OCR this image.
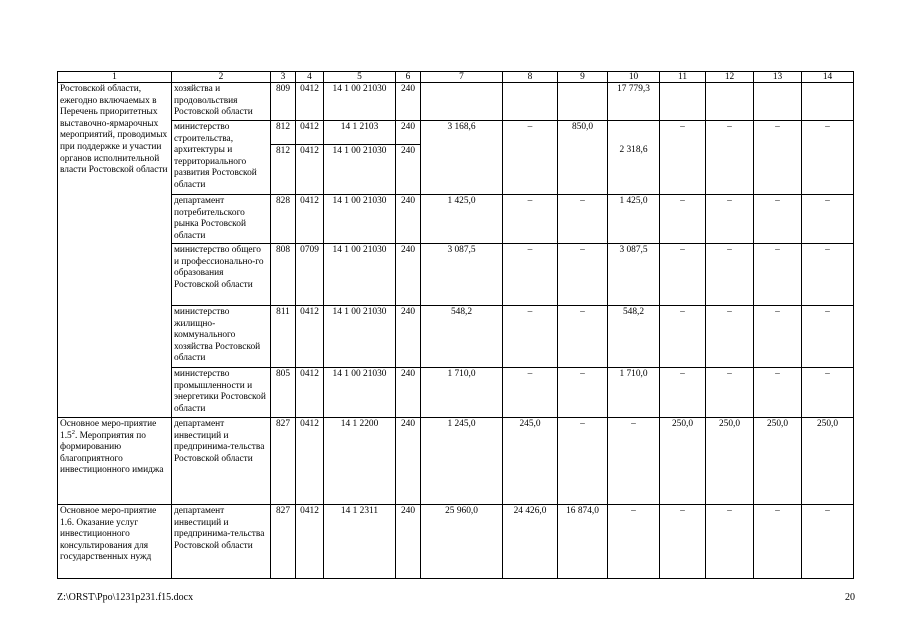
1	2	3	4	5	6	7	8	9	10	11	12	13	14
Ростовской области, ежегодно включаемых в Перечень приоритетных выставочно-ярмарочных мероприятий, проводимых при поддержке и участии органов исполнительной власти Ростовской области	хозяйства и продовольствия Ростовской области	809	0412	14 1 00 21030	240				17 779,3				
	министерство строительства, архитектуры и территориального развития Ростовской области	812	0412	14 1 2103	240	3 168,6	–	850,0	2 318,6	–	–	–	–
		812	0412	14 1 00 21030	240								
	департамент потребительского рынка Ростовской области	828	0412	14 1 00 21030	240	1 425,0	–	–	1 425,0	–	–	–	–
	министерство общего и профессионально-го образования Ростовской области	808	0709	14 1 00 21030	240	3 087,5	–	–	3 087,5	–	–	–	–
	министерство жилищно-коммунального хозяйства Ростовской области	811	0412	14 1 00 21030	240	548,2	–	–	548,2	–	–	–	–
	министерство промышленности и энергетики Ростовской области	805	0412	14 1 00 21030	240	1 710,0	–	–	1 710,0	–	–	–	–
Основное меро-приятие $1.5^2$. Мероприятия по формированию благоприятного инвестиционного имиджа	департамент инвестиций и предпринима-тельства Ростовской области	827	0412	14 1 2200	240	1 245,0	245,0	–	–	250,0	250,0	250,0	250,0
Основное меро-приятие 1.6. Оказание услуг инвестиционного консультирования для государственных нужд	департамент инвестиций и предпринима-тельства Ростовской области	827	0412	14 1 2311	240	25 960,0	24 426,0	16 874,0	–	–	–	–	–
Z:\ORST\Ppo\1231p231.f15.docx	20
